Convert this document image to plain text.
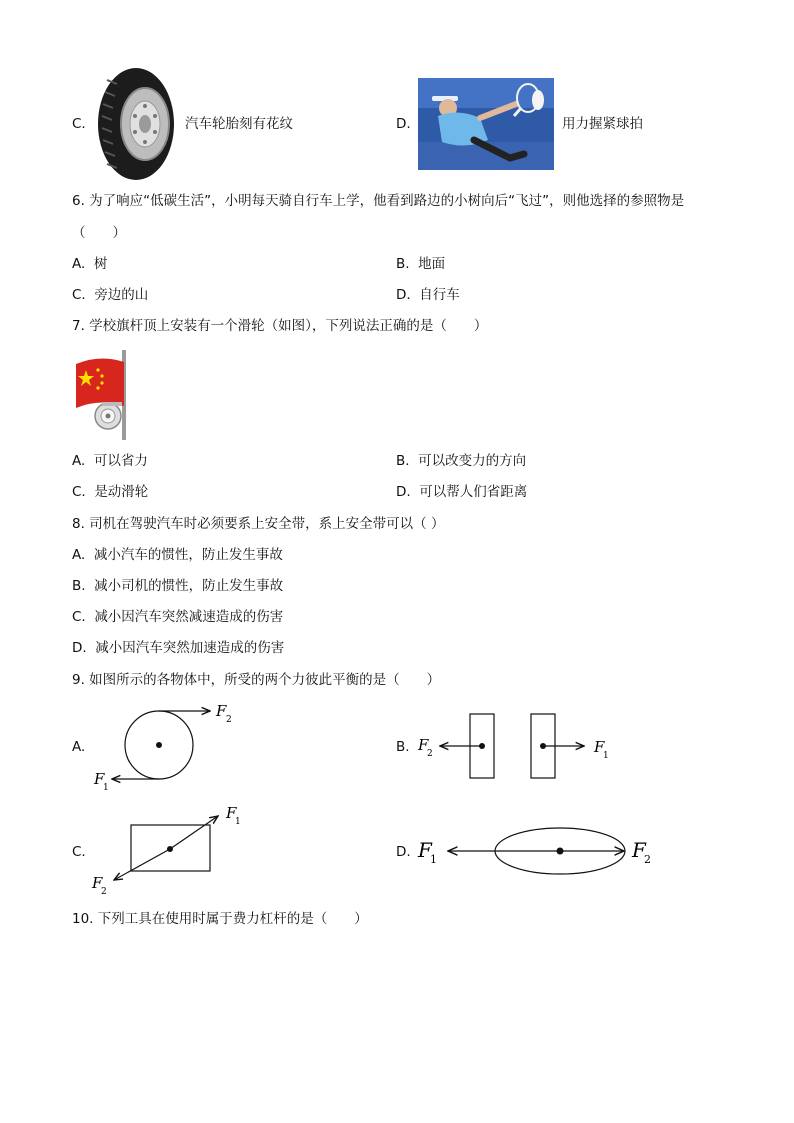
C.	汽车轮胎刻有花纹	D.	用力握紧球拍
6. 为了响应“低碳生活”，小明每天骑自行车上学，他看到路边的小树向后“飞过”，则他选择的参照物是
（　　）
A. 树	B. 地面
C. 旁边的山	D. 自行车
7. 学校旗杆顶上安装有一个滑轮（如图），下列说法正确的是（　　）
A. 可以省力	B. 可以改变力的方向
C. 是动滑轮	D. 可以帮人们省距离
8. 司机在驾驶汽车时必须要系上安全带，系上安全带可以（ ）
A. 减小汽车的惯性，防止发生事故
B. 减小司机的惯性，防止发生事故
C. 减小因汽车突然减速造成的伤害
D. 减小因汽车突然加速造成的伤害
9. 如图所示的各物体中，所受的两个力彼此平衡的是（　　）
A.
F 2
F
1
B. F
2	F
1
C.
F
1
F
2
D. F
1	F
2
10. 下列工具在使用时属于费力杠杆的是（　　）
